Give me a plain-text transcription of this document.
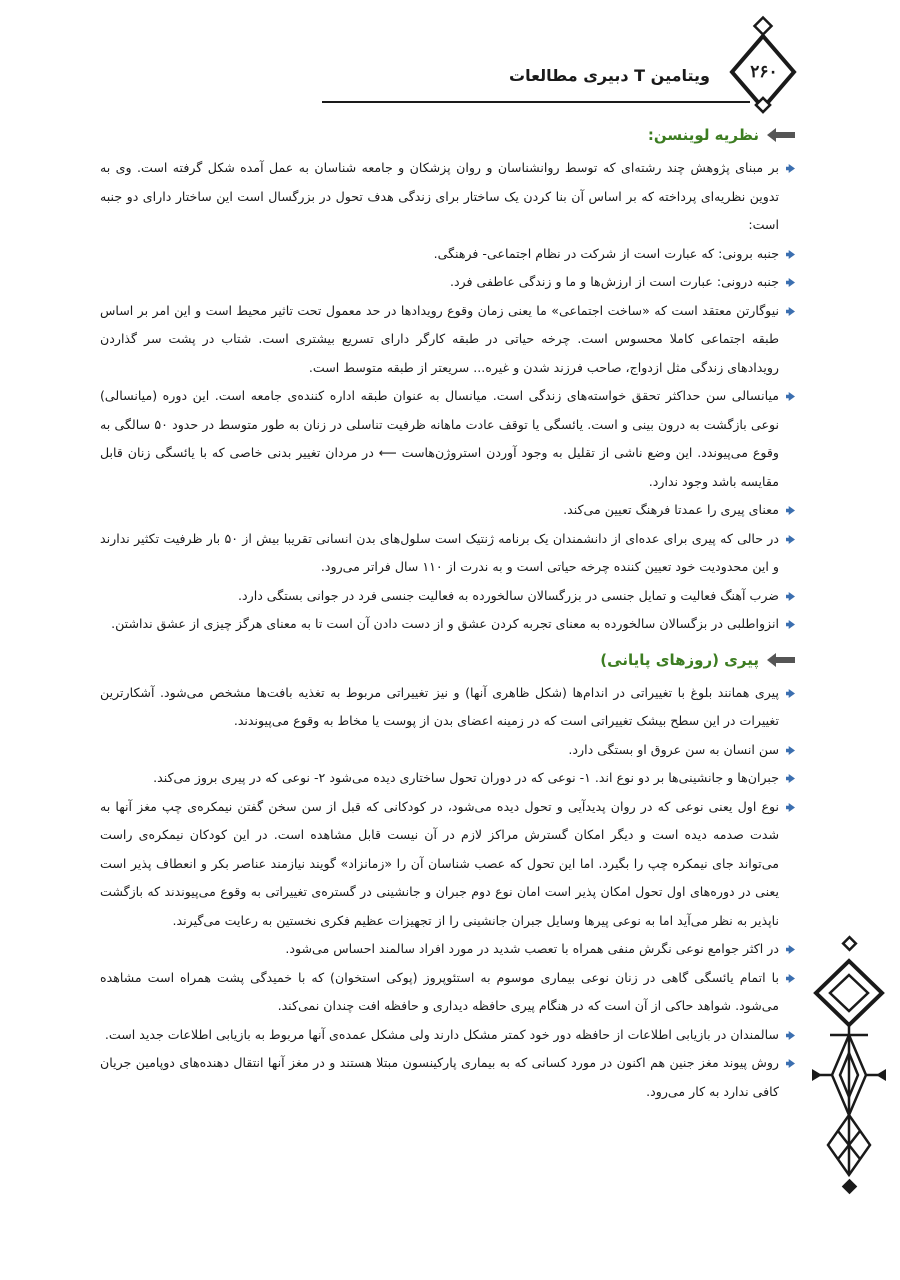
ویتامین T دبیری مطالعات	۲۶۰
نظریه لوینسن:
بر مبنای پژوهش چند رشته‌ای که توسط روانشناسان و روان پزشکان و جامعه شناسان به عمل آمده شکل گرفته است. وی به تدوین نظریه‌ای پرداخته که بر اساس آن بنا کردن یک ساختار برای زندگی هدف تحول در بزرگسال است این ساختار دارای دو جنبه است:
جنبه برونی: که عبارت است از شرکت در نظام اجتماعی- فرهنگی.
جنبه درونی: عبارت است از ارزش‌ها و ما و زندگی عاطفی فرد.
نیوگارتن معتقد است که «ساخت اجتماعی» ما یعنی زمان وقوع رویدادها در حد معمول تحت تاثیر محیط است و این امر بر اساس طبقه اجتماعی کاملا محسوس است. چرخه حیاتی در طبقه کارگر دارای تسریع بیشتری است. شتاب در پشت سر گذاردن رویدادهای زندگی مثل ازدواج، صاحب فرزند شدن و غیره... سریعتر از طبقه متوسط است.
میانسالی سن حداکثر تحقق خواسته‌های زندگی است. میانسال به عنوان طبقه اداره کننده‌ی جامعه است. این دوره (میانسالی) نوعی بازگشت به درون بینی و است. یائسگی یا توقف عادت ماهانه ظرفیت تناسلی در زنان به طور متوسط در حدود ۵۰ سالگی به وقوع می‌پیوندد. این وضع ناشی از تقلیل به وجود آوردن استروژن‌هاست ⟵ در مردان تغییر بدنی خاصی که با یائسگی زنان قابل مقایسه باشد وجود ندارد.
معنای پیری را عمدتا فرهنگ تعیین می‌کند.
در حالی که پیری برای عده‌ای از دانشمندان یک برنامه ژنتیک است سلول‌های بدن انسانی تقریبا بیش از ۵۰ بار ظرفیت تکثیر ندارند و این محدودیت خود تعیین کننده چرخه حیاتی است و به ندرت از ۱۱۰ سال فراتر می‌رود.
ضرب آهنگ فعالیت و تمایل جنسی در بزرگسالان سالخورده به فعالیت جنسی فرد در جوانی بستگی دارد.
انزواطلبی در بزگسالان سالخورده به معنای تجربه کردن عشق و از دست دادن آن است تا به معنای هرگز چیزی از عشق نداشتن.
پیری (روزهای پایانی)
پیری همانند بلوغ با تغییراتی در اندام‌ها (شکل ظاهری آنها) و نیز تغییراتی مربوط به تغذیه بافت‌ها مشخص می‌شود. آشکارترین تغییرات در این سطح بیشک تغییراتی است که در زمینه اعضای بدن از پوست یا مخاط به وقوع می‌پیوندند.
سن انسان به سن عروق او بستگی دارد.
جبران‌ها و جانشینی‌ها بر دو نوع اند. ۱- نوعی که در دوران تحول ساختاری دیده می‌شود ۲- نوعی که در پیری بروز می‌کند.
نوع اول یعنی نوعی که در روان پدیدآیی و تحول دیده می‌شود، در کودکانی که قبل از سن سخن گفتن نیمکره‌ی چپ مغز آنها به شدت صدمه دیده است و دیگر امکان گسترش مراکز لازم در آن نیست قابل مشاهده است. در این کودکان نیمکره‌ی راست می‌تواند جای نیمکره چپ را بگیرد. اما این تحول که عصب شناسان آن را «زمانزاد» گویند نیازمند عناصر بکر و انعطاف پذیر است یعنی در دوره‌های اول تحول امکان پذیر است امان نوع دوم جبران و جانشینی در گستره‌ی تغییراتی به وقوع می‌پیوندند که بازگشت ناپذیر به نظر می‌آید اما به نوعی پیرها وسایل جبران جانشینی را از تجهیزات عظیم فکری نخستین به رعایت می‌گیرند.
در اکثر جوامع نوعی نگرش منفی همراه با تعصب شدید در مورد افراد سالمند احساس می‌شود.
با اتمام یائسگی گاهی در زنان نوعی بیماری موسوم به استئوپروز (پوکی استخوان) که با خمیدگی پشت همراه است مشاهده می‌شود. شواهد حاکی از آن است که در هنگام پیری حافظه دیداری و حافظه افت چندان نمی‌کند.
سالمندان در بازیابی اطلاعات از حافظه دور خود کمتر مشکل دارند ولی مشکل عمده‌ی آنها مربوط به بازیابی اطلاعات جدید است.
روش پیوند مغز جنین هم اکنون در مورد کسانی که به بیماری پارکینسون مبتلا هستند و در مغز آنها انتقال دهنده‌های دوپامین جریان کافی ندارد به کار می‌رود.
